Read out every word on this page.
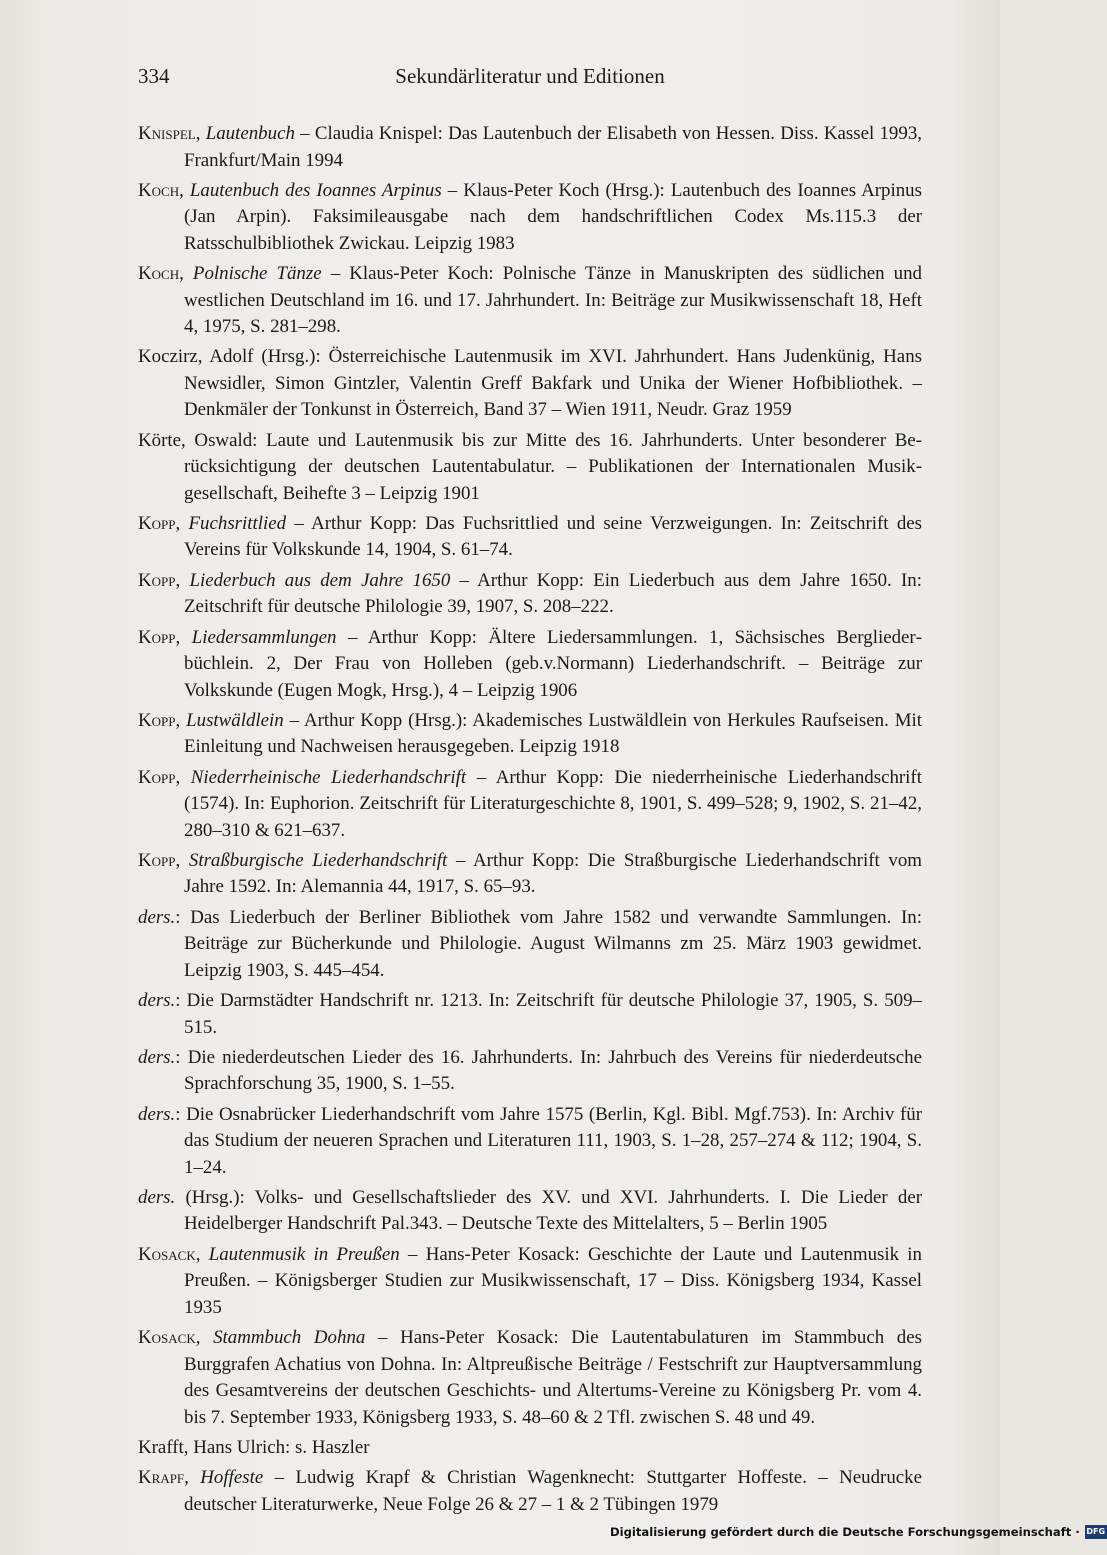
334	Sekundärliteratur und Editionen

Knispel, Lautenbuch – Claudia Knispel: Das Lautenbuch der Elisabeth von Hessen. Diss. Kassel 1993, Frankfurt/Main 1994

Koch, Lautenbuch des Ioannes Arpinus – Klaus-Peter Koch (Hrsg.): Lautenbuch des Ioannes Arpinus (Jan Arpin). Faksimileausgabe nach dem handschriftlichen Codex Ms.115.3 der Ratsschulbibliothek Zwickau. Leipzig 1983

Koch, Polnische Tänze – Klaus-Peter Koch: Polnische Tänze in Manuskripten des südlichen und westlichen Deutschland im 16. und 17. Jahrhundert. In: Beiträge zur Musikwissenschaft 18, Heft 4, 1975, S. 281–298.

Koczirz, Adolf (Hrsg.): Österreichische Lautenmusik im XVI. Jahrhundert. Hans Judenkünig, Hans Newsidler, Simon Gintzler, Valentin Greff Bakfark und Unika der Wiener Hofbibliothek. – Denkmäler der Tonkunst in Österreich, Band 37 – Wien 1911, Neudr. Graz 1959

Körte, Oswald: Laute und Lautenmusik bis zur Mitte des 16. Jahrhunderts. Unter besonderer Berücksichtigung der deutschen Lautentabulatur. – Publikationen der Internationalen Musikgesellschaft, Beihefte 3 – Leipzig 1901

Kopp, Fuchsrittlied – Arthur Kopp: Das Fuchsrittlied und seine Verzweigungen. In: Zeitschrift des Vereins für Volkskunde 14, 1904, S. 61–74.

Kopp, Liederbuch aus dem Jahre 1650 – Arthur Kopp: Ein Liederbuch aus dem Jahre 1650. In: Zeitschrift für deutsche Philologie 39, 1907, S. 208–222.

Kopp, Liedersammlungen – Arthur Kopp: Ältere Liedersammlungen. 1, Sächsisches Bergliederbüchlein. 2, Der Frau von Holleben (geb.v.Normann) Liederhandschrift. – Beiträge zur Volkskunde (Eugen Mogk, Hrsg.), 4 – Leipzig 1906

Kopp, Lustwäldlein – Arthur Kopp (Hrsg.): Akademisches Lustwäldlein von Herkules Raufseisen. Mit Einleitung und Nachweisen herausgegeben. Leipzig 1918

Kopp, Niederrheinische Liederhandschrift – Arthur Kopp: Die niederrheinische Liederhandschrift (1574). In: Euphorion. Zeitschrift für Literaturgeschichte 8, 1901, S. 499–528; 9, 1902, S. 21–42, 280–310 & 621–637.

Kopp, Straßburgische Liederhandschrift – Arthur Kopp: Die Straßburgische Liederhandschrift vom Jahre 1592. In: Alemannia 44, 1917, S. 65–93.

ders.: Das Liederbuch der Berliner Bibliothek vom Jahre 1582 und verwandte Sammlungen. In: Beiträge zur Bücherkunde und Philologie. August Wilmanns zm 25. März 1903 gewidmet. Leipzig 1903, S. 445–454.

ders.: Die Darmstädter Handschrift nr. 1213. In: Zeitschrift für deutsche Philologie 37, 1905, S. 509–515.

ders.: Die niederdeutschen Lieder des 16. Jahrhunderts. In: Jahrbuch des Vereins für niederdeutsche Sprachforschung 35, 1900, S. 1–55.

ders.: Die Osnabrücker Liederhandschrift vom Jahre 1575 (Berlin, Kgl. Bibl. Mgf.753). In: Archiv für das Studium der neueren Sprachen und Literaturen 111, 1903, S. 1–28, 257–274 & 112; 1904, S. 1–24.

ders. (Hrsg.): Volks- und Gesellschaftslieder des XV. und XVI. Jahrhunderts. I. Die Lieder der Heidelberger Handschrift Pal.343. – Deutsche Texte des Mittelalters, 5 – Berlin 1905

Kosack, Lautenmusik in Preußen – Hans-Peter Kosack: Geschichte der Laute und Lautenmusik in Preußen. – Königsberger Studien zur Musikwissenschaft, 17 – Diss. Königsberg 1934, Kassel 1935

Kosack, Stammbuch Dohna – Hans-Peter Kosack: Die Lautentabulaturen im Stammbuch des Burggrafen Achatius von Dohna. In: Altpreußische Beiträge / Festschrift zur Hauptversammlung des Gesamtvereins der deutschen Geschichts- und Altertums-Vereine zu Königsberg Pr. vom 4. bis 7. September 1933, Königsberg 1933, S. 48–60 & 2 Tfl. zwischen S. 48 und 49.

Krafft, Hans Ulrich: s. Haszler

Krapf, Hoffeste – Ludwig Krapf & Christian Wagenknecht: Stuttgarter Hoffeste. – Neudrucke deutscher Literaturwerke, Neue Folge 26 & 27 – 1 & 2 Tübingen 1979

Digitalisierung gefördert durch die Deutsche Forschungsgemeinschaft · DFG
